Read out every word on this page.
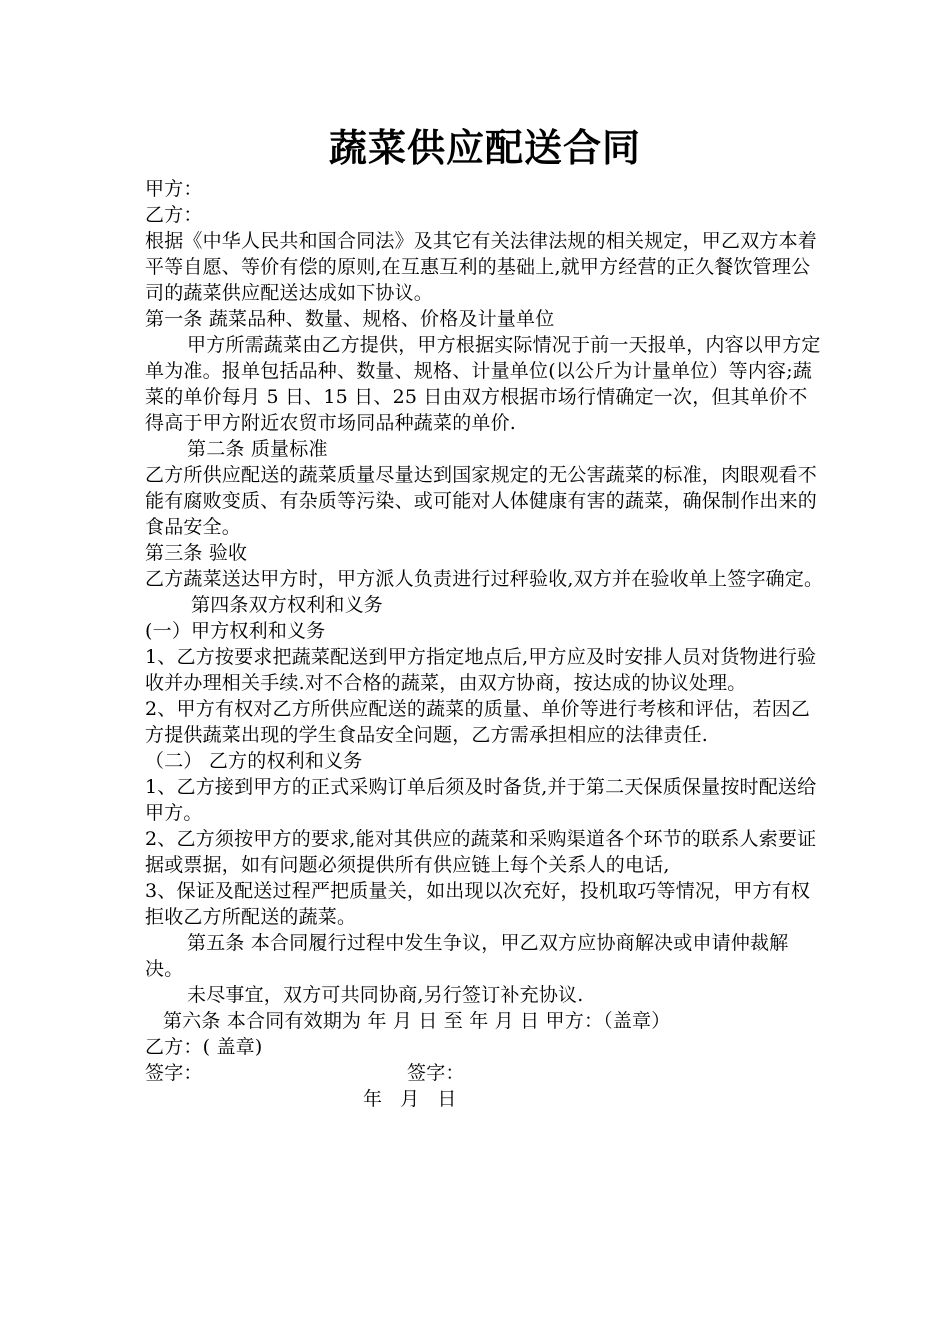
蔬菜供应配送合同

甲方：

乙方：

根据《中华人民共和国合同法》及其它有关法律法规的相关规定，甲乙双方本着平等自愿、等价有偿的原则,在互惠互利的基础上,就甲方经营的正久餐饮管理公司的蔬菜供应配送达成如下协议。

第一条 蔬菜品种、数量、规格、价格及计量单位

甲方所需蔬菜由乙方提供，甲方根据实际情况于前一天报单，内容以甲方定单为准。报单包括品种、数量、规格、计量单位(以公斤为计量单位）等内容;蔬菜的单价每月 5 日、15 日、25 日由双方根据市场行情确定一次，但其单价不得高于甲方附近农贸市场同品种蔬菜的单价.

第二条 质量标准

乙方所供应配送的蔬菜质量尽量达到国家规定的无公害蔬菜的标准，肉眼观看不能有腐败变质、有杂质等污染、或可能对人体健康有害的蔬菜，确保制作出来的食品安全。

第三条 验收

乙方蔬菜送达甲方时，甲方派人负责进行过秤验收,双方并在验收单上签字确定。

第四条双方权利和义务

(一）甲方权利和义务

1、乙方按要求把蔬菜配送到甲方指定地点后,甲方应及时安排人员对货物进行验收并办理相关手续.对不合格的蔬菜，由双方协商，按达成的协议处理。

2、甲方有权对乙方所供应配送的蔬菜的质量、单价等进行考核和评估，若因乙方提供蔬菜出现的学生食品安全问题，乙方需承担相应的法律责任.

（二） 乙方的权利和义务

1、乙方接到甲方的正式采购订单后须及时备货,并于第二天保质保量按时配送给甲方。

2、乙方须按甲方的要求,能对其供应的蔬菜和采购渠道各个环节的联系人索要证据或票据，如有问题必须提供所有供应链上每个关系人的电话,

3、保证及配送过程严把质量关，如出现以次充好，投机取巧等情况，甲方有权拒收乙方所配送的蔬菜。

第五条 本合同履行过程中发生争议，甲乙双方应协商解决或申请仲裁解决。

未尽事宜，双方可共同协商,另行签订补充协议.

第六条 本合同有效期为 年 月 日 至 年 月 日 甲方：（盖章）

乙方：( 盖章)

签字：	签字：

年 月 日
